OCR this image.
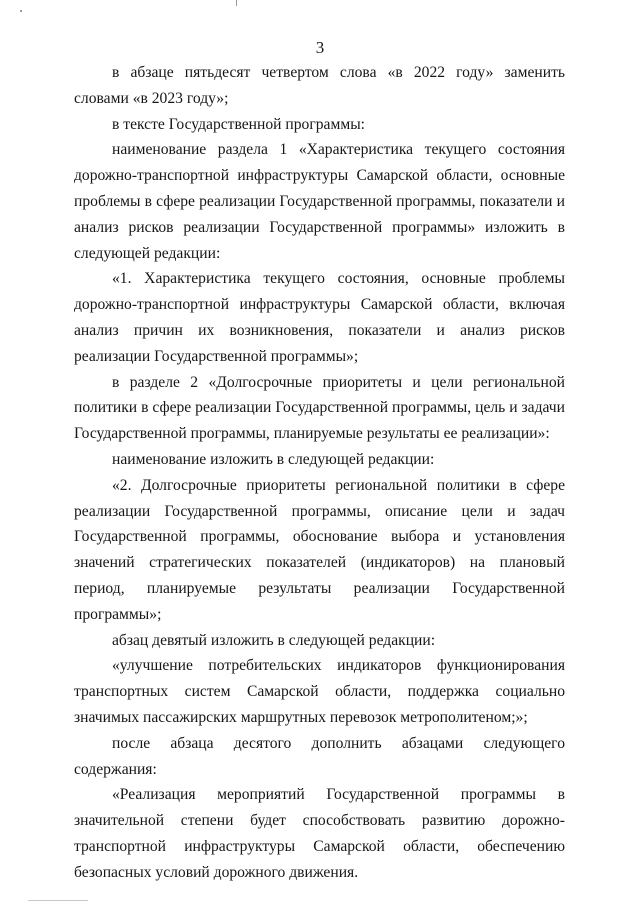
3

в абзаце пятьдесят четвертом слова «в 2022 году» заменить словами «в 2023 году»;

в тексте Государственной программы:

наименование раздела 1 «Характеристика текущего состояния дорожно-транспортной инфраструктуры Самарской области, основные проблемы в сфере реализации Государственной программы, показатели и анализ рисков реализации Государственной программы» изложить в следующей редакции:

«1. Характеристика текущего состояния, основные проблемы дорожно-транспортной инфраструктуры Самарской области, включая анализ причин их возникновения, показатели и анализ рисков реализации Государственной программы»;

в разделе 2 «Долгосрочные приоритеты и цели региональной политики в сфере реализации Государственной программы, цель и задачи Государственной программы, планируемые результаты ее реализации»:

наименование изложить в следующей редакции:

«2. Долгосрочные приоритеты региональной политики в сфере реализации Государственной программы, описание цели и задач Государственной программы, обоснование выбора и установления значений стратегических показателей (индикаторов) на плановый период, планируемые результаты реализации Государственной программы»;

абзац девятый изложить в следующей редакции:

«улучшение потребительских индикаторов функционирования транспортных систем Самарской области, поддержка социально значимых пассажирских маршрутных перевозок метрополитеном;»;

после абзаца десятого дополнить абзацами следующего содержания:

«Реализация мероприятий Государственной программы в значительной степени будет способствовать развитию дорожно-транспортной инфраструктуры Самарской области, обеспечению безопасных условий дорожного движения.
